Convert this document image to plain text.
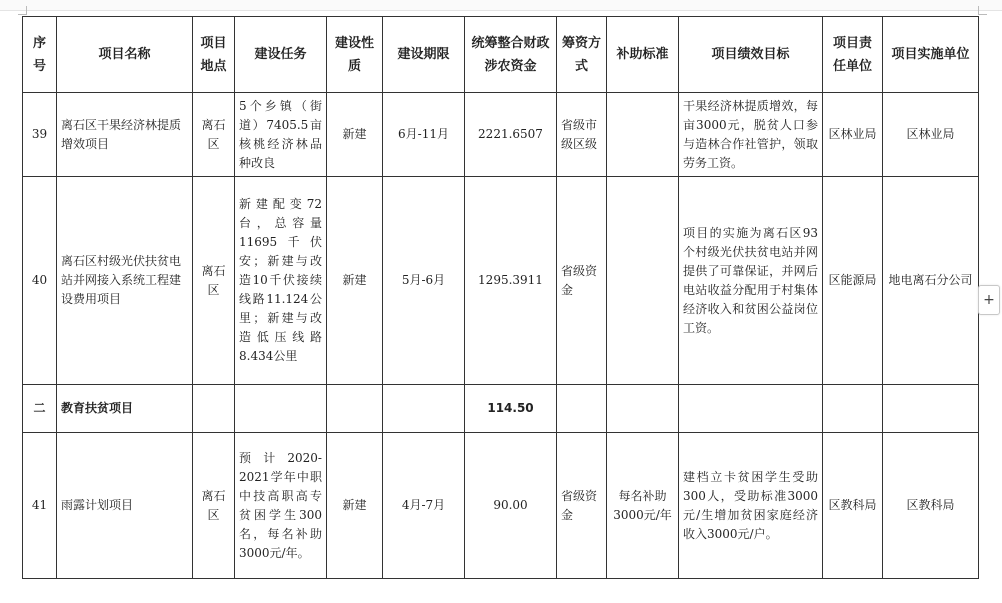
序号	项目名称	项目地点	建设任务	建设性质	建设期限	统筹整合财政涉农资金	筹资方式	补助标准	项目绩效目标	项目责任单位	项目实施单位
39	离石区干果经济林提质增效项目	离石区	5个乡镇（街道）7405.5亩核桃经济林品种改良	新建	6月-11月	2221.6507	省级市级区级		干果经济林提质增效，每亩3000元，脱贫人口参与造林合作社管护，领取劳务工资。	区林业局	区林业局
40	离石区村级光伏扶贫电站并网接入系统工程建设费用项目	离石区	新建配变72台，总容量11695千伏安；新建与改造10千伏接续线路11.124公里；新建与改造低压线路8.434公里	新建	5月-6月	1295.3911	省级资金		项目的实施为离石区93个村级光伏扶贫电站并网提供了可靠保证，并网后电站收益分配用于村集体经济收入和贫困公益岗位工资。	区能源局	地电离石分公司
二	教育扶贫项目					114.50					
41	雨露计划项目	离石区	预计2020-2021学年中职中技高职高专贫困学生300名，每名补助3000元/年。	新建	4月-7月	90.00	省级资金	每名补助3000元/年	建档立卡贫困学生受助300人，受助标准3000元/生增加贫困家庭经济收入3000元/户。	区教科局	区教科局
+
